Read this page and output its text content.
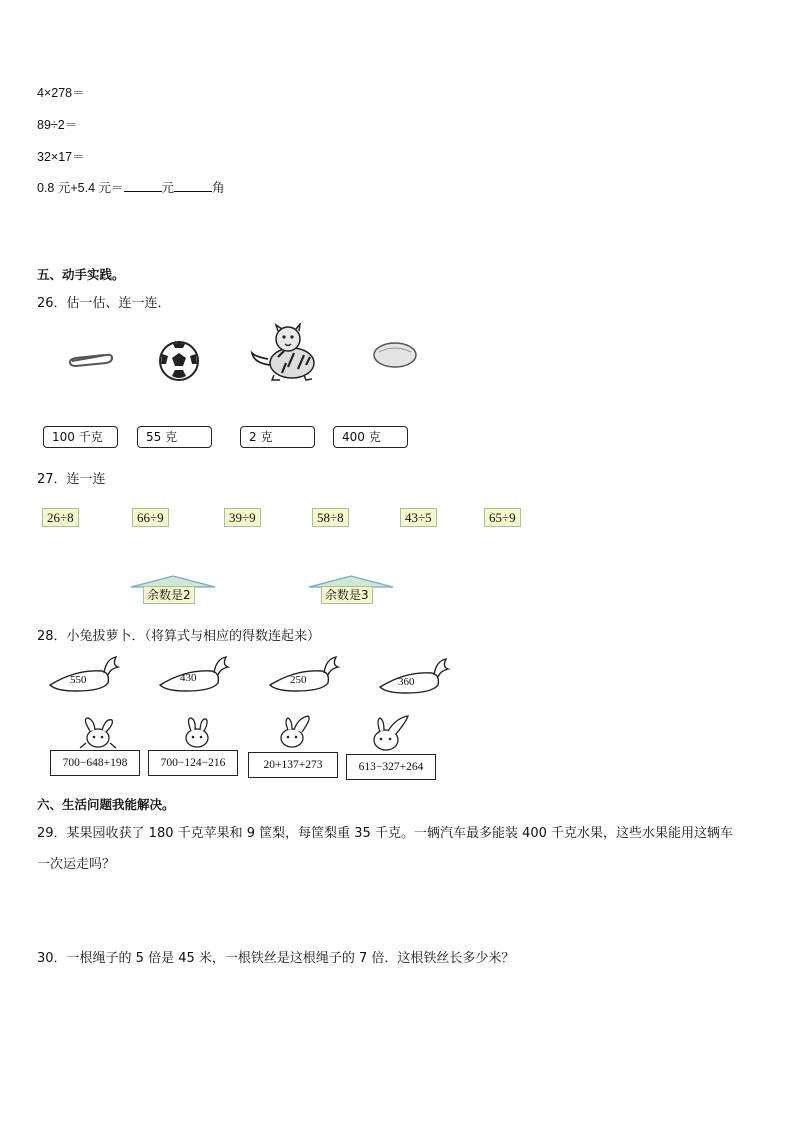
4×278＝
89÷2＝
32×17＝
0.8 元+5.4 元＝	元	角
五、动手实践。
26．估一估、连一连．
100 千克	55 克	2 克	400 克
27．连一连
26÷8	66÷9	39÷9	58÷8	43÷5	65÷9
余数是2	余数是3
28．小兔拔萝卜．（将算式与相应的得数连起来）
550	430	250	360
700−648+198	700−124−216	20+137+273	613−327+264
六、生活问题我能解决。
29．某果园收获了 180 千克苹果和 9 筐梨，每筐梨重 35 千克。一辆汽车最多能装 400 千克水果，这些水果能用这辆车
一次运走吗？
30．一根绳子的 5 倍是 45 米，一根铁丝是这根绳子的 7 倍．这根铁丝长多少米？
